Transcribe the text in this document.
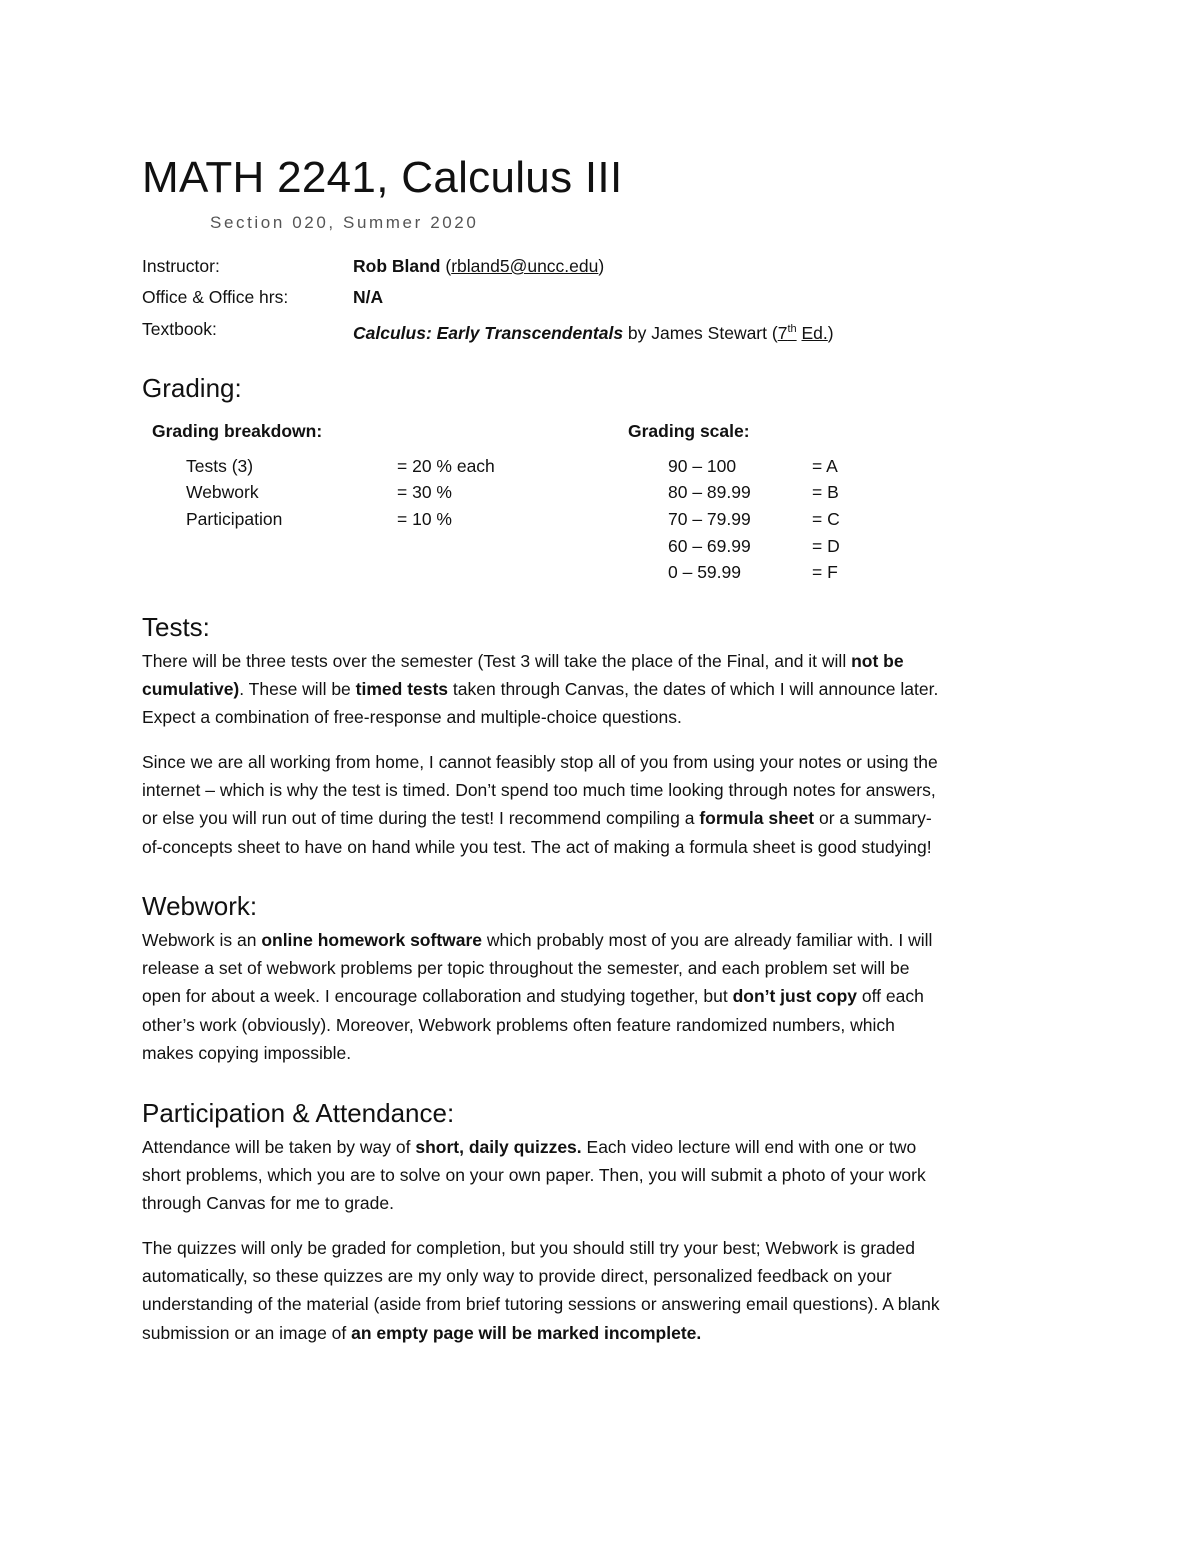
MATH 2241, Calculus III
Section 020, Summer 2020
Instructor:	Rob Bland (rbland5@uncc.edu)
Office & Office hrs:	N/A
Textbook:	Calculus: Early Transcendentals by James Stewart (7th Ed.)
Grading:
Grading breakdown:	Grading scale:
Tests (3)	= 20 % each
Webwork	= 30 %
Participation	= 10 %
90 – 100	= A
80 – 89.99	= B
70 – 79.99	= C
60 – 69.99	= D
0 – 59.99	= F
Tests:
There will be three tests over the semester (Test 3 will take the place of the Final, and it will not be
cumulative). These will be timed tests taken through Canvas, the dates of which I will announce later.
Expect a combination of free-response and multiple-choice questions.
Since we are all working from home, I cannot feasibly stop all of you from using your notes or using the
internet – which is why the test is timed. Don’t spend too much time looking through notes for answers,
or else you will run out of time during the test! I recommend compiling a formula sheet or a summary-
of-concepts sheet to have on hand while you test. The act of making a formula sheet is good studying!
Webwork:
Webwork is an online homework software which probably most of you are already familiar with. I will
release a set of webwork problems per topic throughout the semester, and each problem set will be
open for about a week. I encourage collaboration and studying together, but don’t just copy off each
other’s work (obviously). Moreover, Webwork problems often feature randomized numbers, which
makes copying impossible.
Participation & Attendance:
Attendance will be taken by way of short, daily quizzes. Each video lecture will end with one or two
short problems, which you are to solve on your own paper. Then, you will submit a photo of your work
through Canvas for me to grade.
The quizzes will only be graded for completion, but you should still try your best; Webwork is graded
automatically, so these quizzes are my only way to provide direct, personalized feedback on your
understanding of the material (aside from brief tutoring sessions or answering email questions). A blank
submission or an image of an empty page will be marked incomplete.
